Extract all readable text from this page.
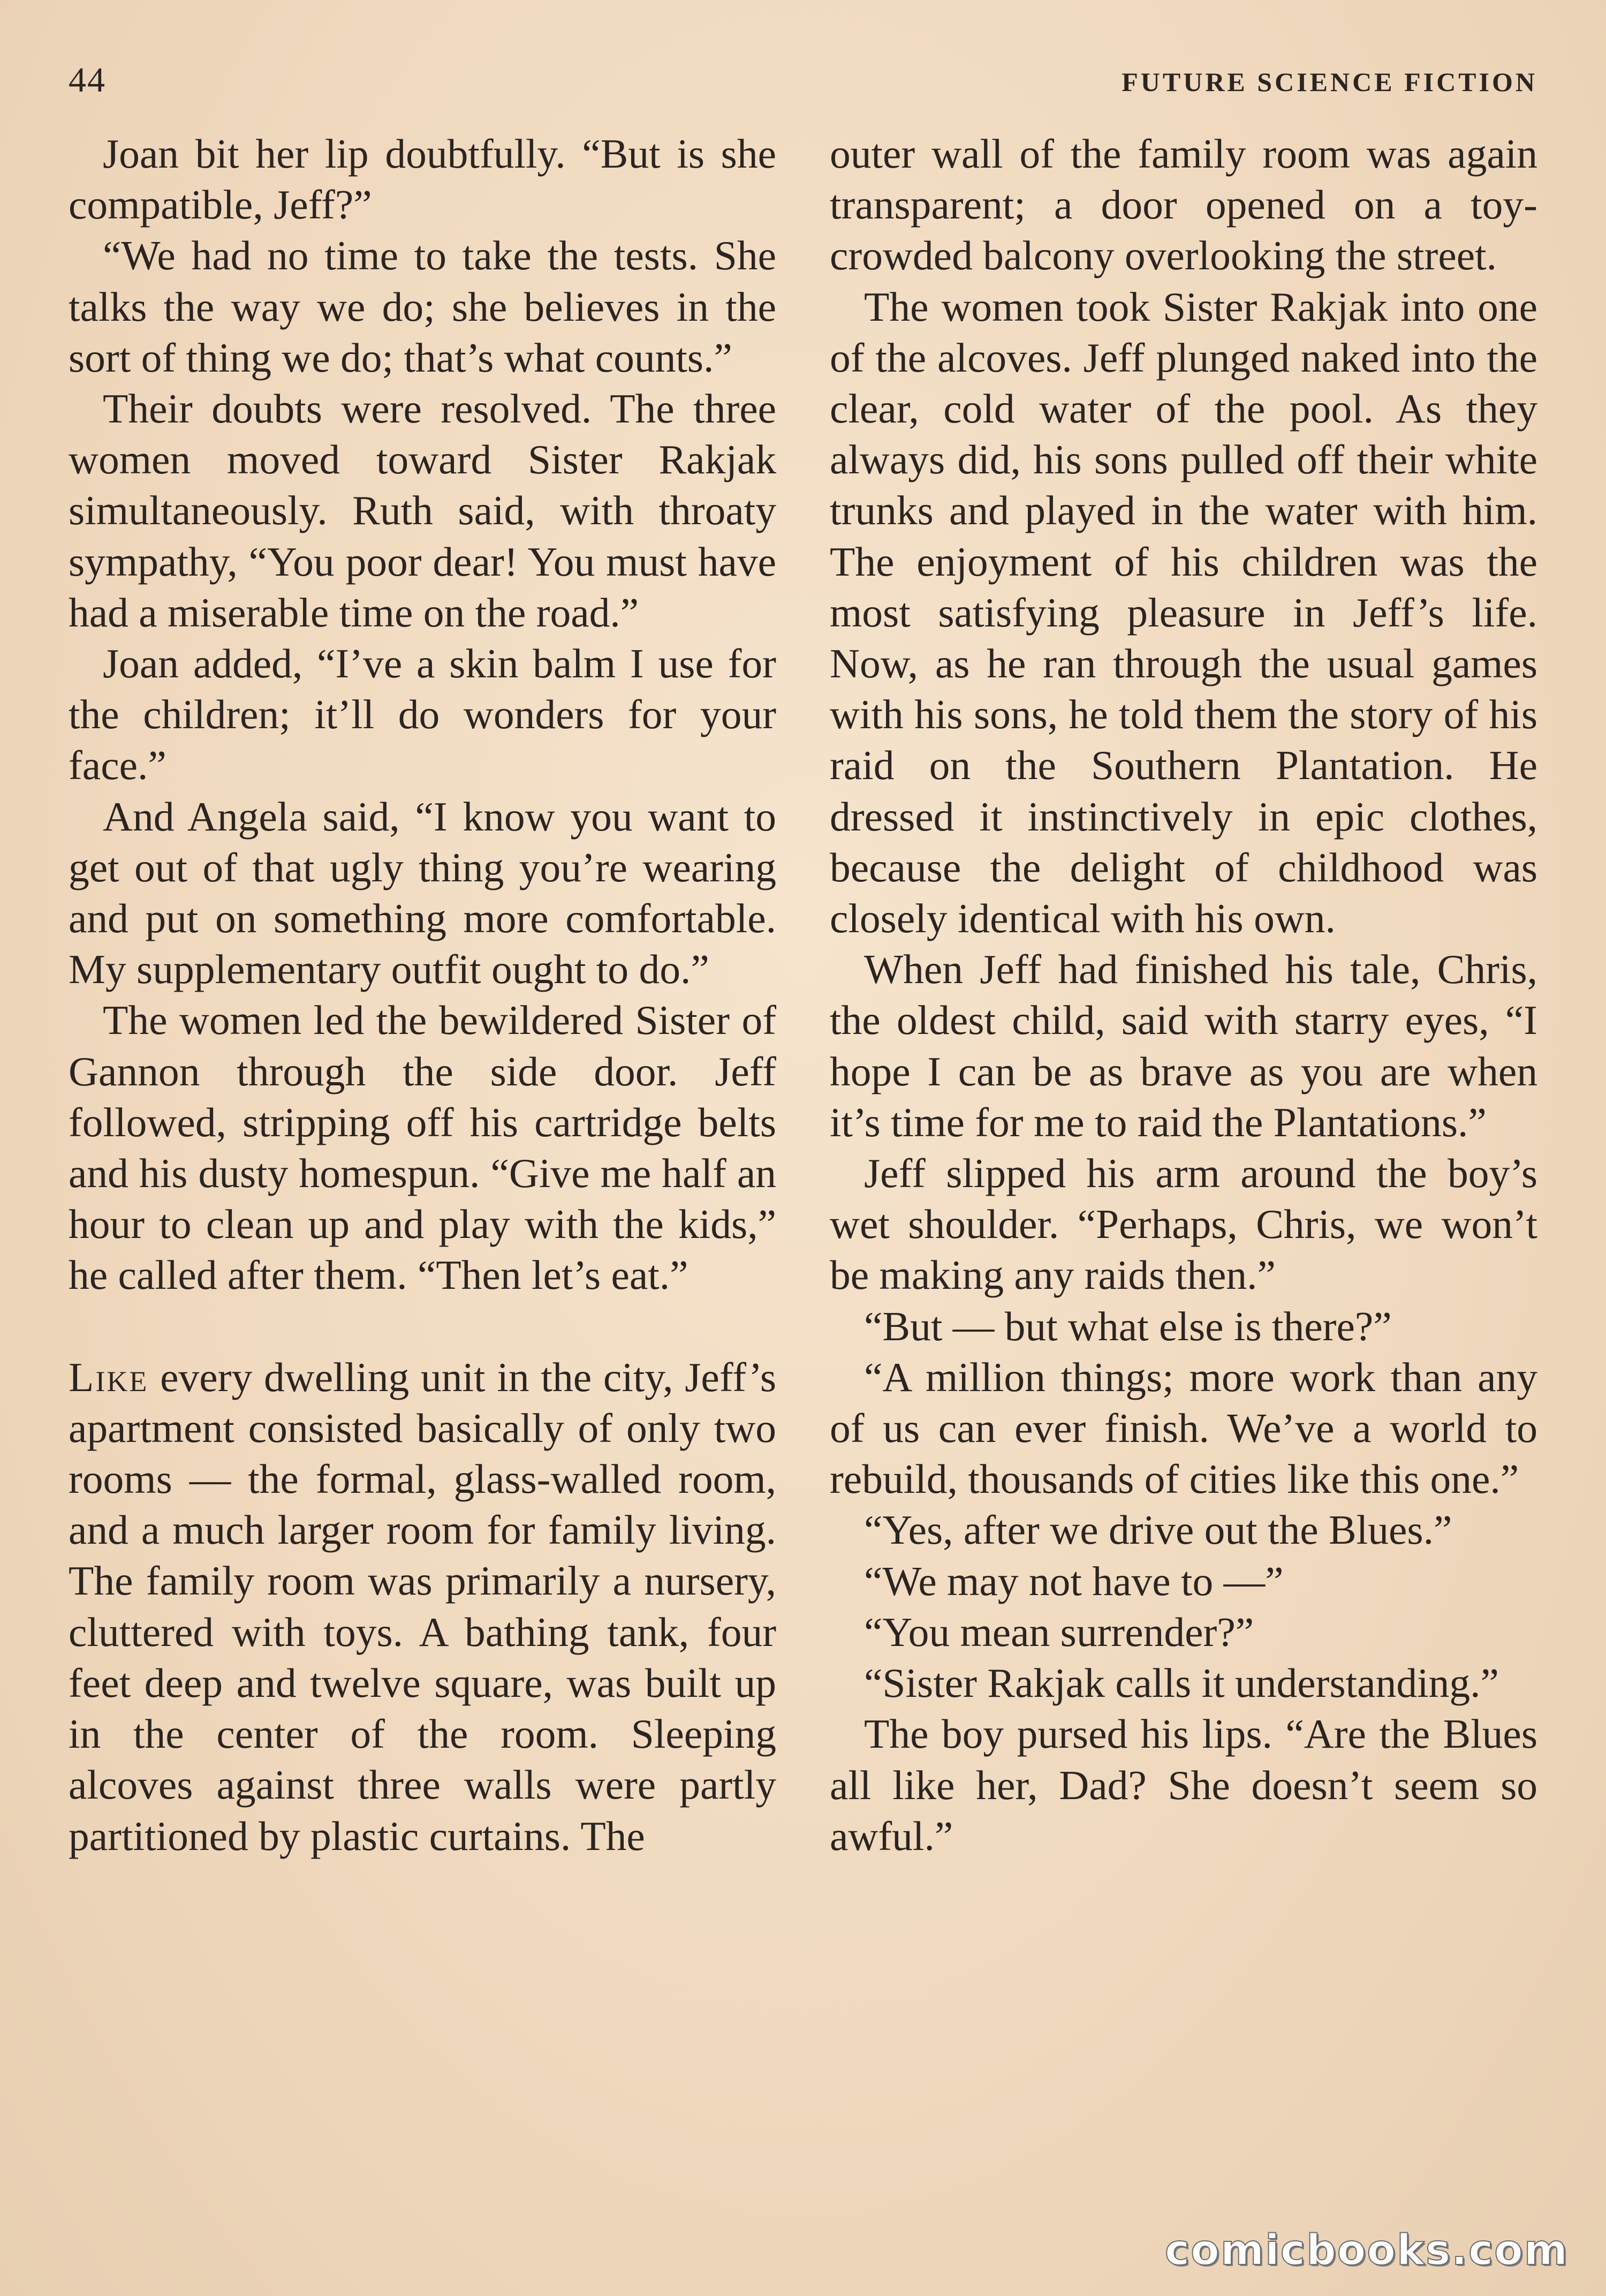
44	FUTURE SCIENCE FICTION

Joan bit her lip doubtfully. “But is she compatible, Jeff?”

“We had no time to take the tests. She talks the way we do; she believes in the sort of thing we do; that’s what counts.”

Their doubts were resolved. The three women moved toward Sister Rakjak simultaneously. Ruth said, with throaty sympathy, “You poor dear! You must have had a miserable time on the road.”

Joan added, “I’ve a skin balm I use for the children; it’ll do wonders for your face.”

And Angela said, “I know you want to get out of that ugly thing you’re wearing and put on something more comfortable. My supplementary outfit ought to do.”

The women led the bewildered Sister of Gannon through the side door. Jeff followed, stripping off his cartridge belts and his dusty homespun. “Give me half an hour to clean up and play with the kids,” he called after them. “Then let’s eat.”

Like every dwelling unit in the city, Jeff’s apartment consisted basically of only two rooms — the formal, glass-walled room, and a much larger room for family living. The family room was primarily a nursery, cluttered with toys. A bathing tank, four feet deep and twelve square, was built up in the center of the room. Sleeping alcoves against three walls were partly partitioned by plastic curtains. The

outer wall of the family room was again transparent; a door opened on a toy-crowded balcony overlooking the street.

The women took Sister Rakjak into one of the alcoves. Jeff plunged naked into the clear, cold water of the pool. As they always did, his sons pulled off their white trunks and played in the water with him. The enjoyment of his children was the most satisfying pleasure in Jeff’s life. Now, as he ran through the usual games with his sons, he told them the story of his raid on the Southern Plantation. He dressed it instinctively in epic clothes, because the delight of childhood was closely identical with his own.

When Jeff had finished his tale, Chris, the oldest child, said with starry eyes, “I hope I can be as brave as you are when it’s time for me to raid the Plantations.”

Jeff slipped his arm around the boy’s wet shoulder. “Perhaps, Chris, we won’t be making any raids then.”

“But — but what else is there?”

“A million things; more work than any of us can ever finish. We’ve a world to rebuild, thousands of cities like this one.”

“Yes, after we drive out the Blues.”

“We may not have to —”

“You mean surrender?”

“Sister Rakjak calls it understanding.”

The boy pursed his lips. “Are the Blues all like her, Dad? She doesn’t seem so awful.”

comicbooks.com
